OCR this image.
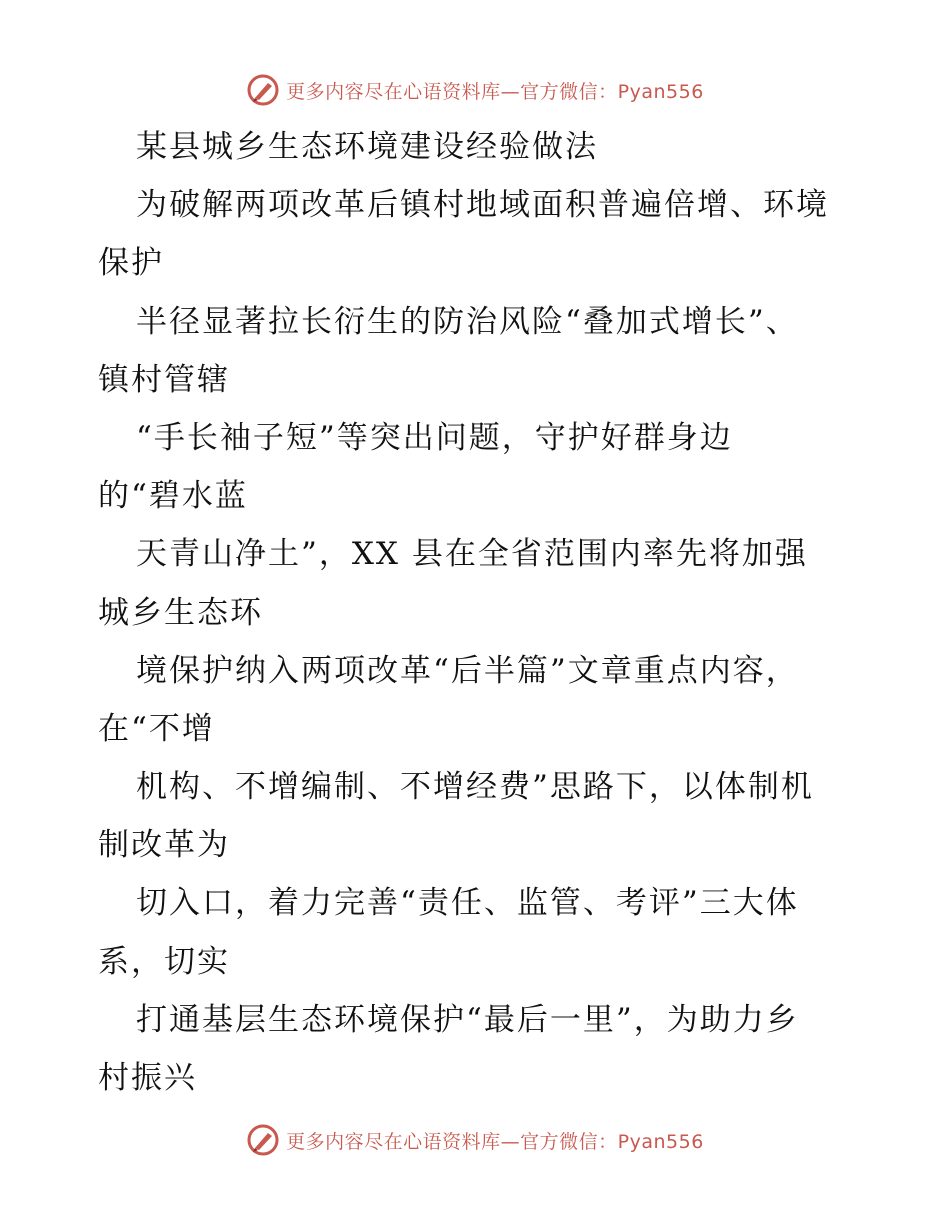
更多内容尽在心语资料库—官方微信：Pyan556
某县城乡生态环境建设经验做法
为破解两项改革后镇村地域面积普遍倍增、环境
保护
半径显著拉长衍生的防治风险“叠加式增长”、
镇村管辖
“手长袖子短”等突出问题，守护好群身边
的“碧水蓝
天青山净土”，XX 县在全省范围内率先将加强
城乡生态环
境保护纳入两项改革“后半篇”文章重点内容，
在“不增
机构、不增编制、不增经费”思路下，以体制机
制改革为
切入口，着力完善“责任、监管、考评”三大体
系，切实
打通基层生态环境保护“最后一里”，为助力乡
村振兴
更多内容尽在心语资料库—官方微信：Pyan556
